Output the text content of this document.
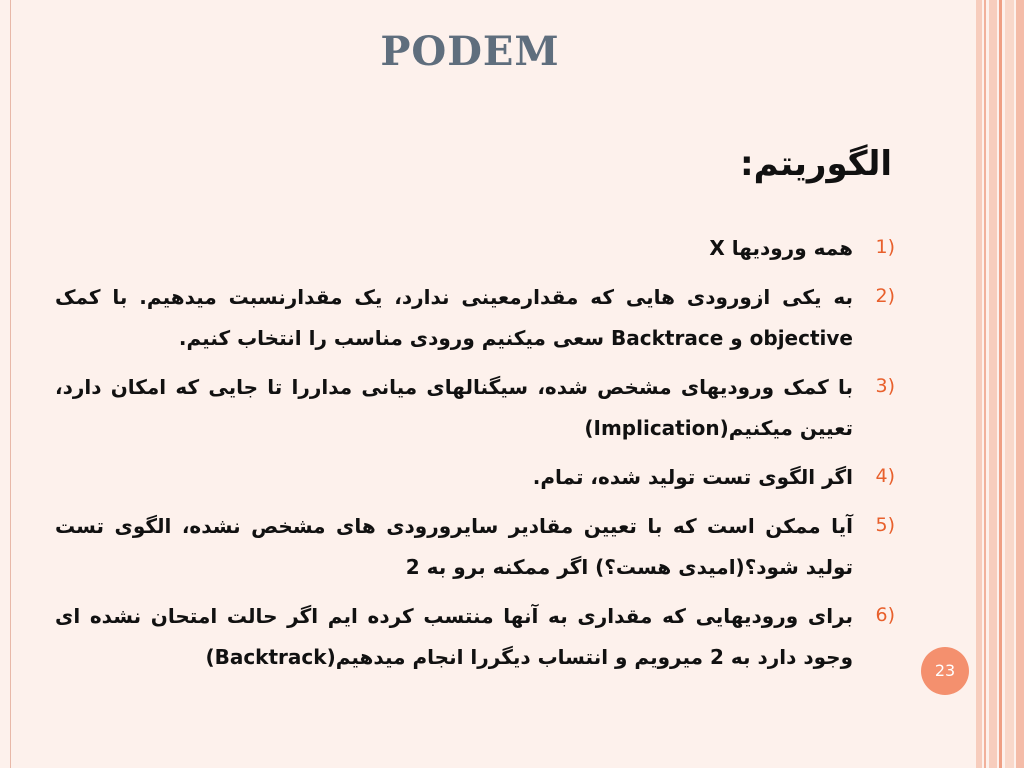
PODEM
الگوریتم:
(1
همه ورودیها X
(2
به یکی ازورودی هایی که مقدارمعینی ندارد، یک مقدارنسبت میدهیم. با کمک objective و Backtrace سعی میکنیم ورودی مناسب را انتخاب کنیم.
(3
با کمک ورودیهای مشخص شده، سیگنالهای میانی مداررا تا جایی که امکان دارد، تعیین میکنیم(Implication)
(4
اگر الگوی تست تولید شده، تمام.
(5
آیا ممکن است که با تعیین مقادیر سایرورودی های مشخص نشده، الگوی تست تولید شود؟(امیدی هست؟) اگر ممکنه برو به 2
(6
برای ورودیهایی که مقداری به آنها منتسب کرده ایم اگر حالت امتحان نشده ای وجود دارد به 2 میرویم و انتساب دیگررا انجام میدهیم(Backtrack)
23
